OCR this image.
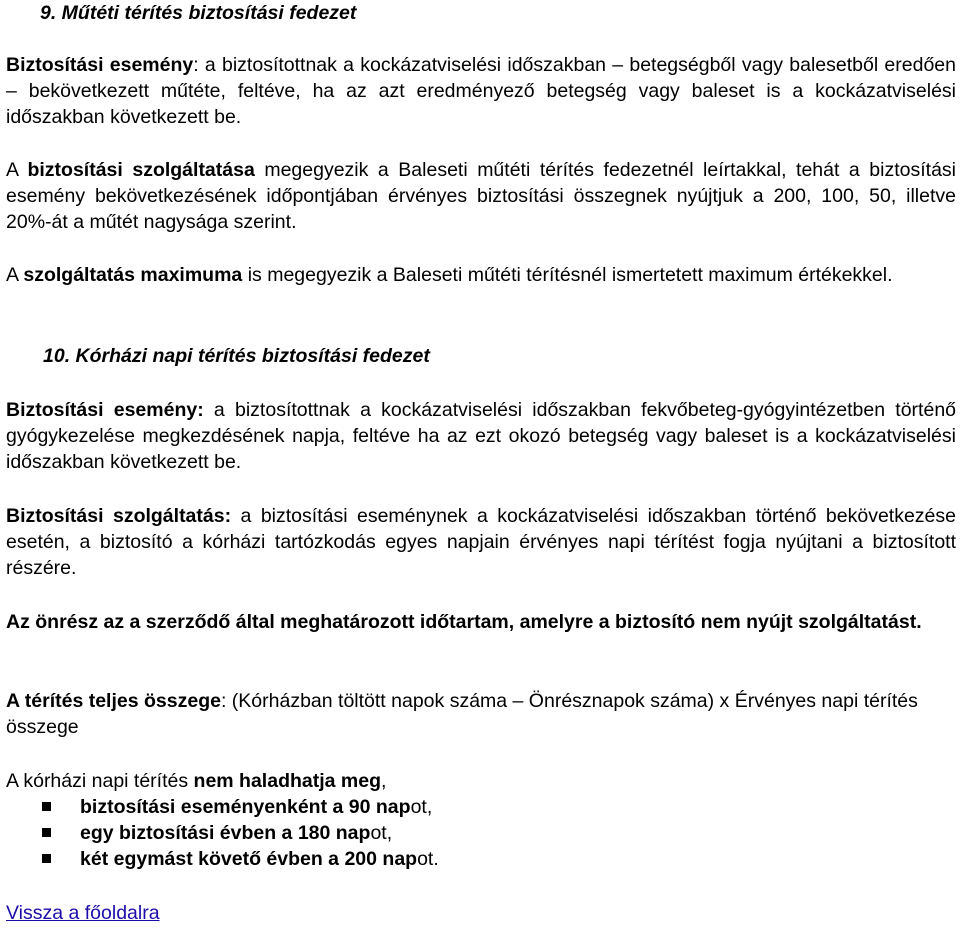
9. Műtéti térítés biztosítási fedezet

Biztosítási esemény: a biztosítottnak a kockázatviselési időszakban – betegségből vagy balesetből eredően – bekövetkezett műtéte, feltéve, ha az azt eredményező betegség vagy baleset is a kockázatviselési időszakban következett be.

A biztosítási szolgáltatása megegyezik a Baleseti műtéti térítés fedezetnél leírtakkal, tehát a biztosítási esemény bekövetkezésének időpontjában érvényes biztosítási összegnek nyújtjuk a 200, 100, 50, illetve 20%-át a műtét nagysága szerint.

A szolgáltatás maximuma is megegyezik a Baleseti műtéti térítésnél ismertetett maximum értékekkel.

10. Kórházi napi térítés biztosítási fedezet

Biztosítási esemény: a biztosítottnak a kockázatviselési időszakban fekvőbeteg-gyógyintézetben történő gyógykezelése megkezdésének napja, feltéve ha az ezt okozó betegség vagy baleset is a kockázatviselési időszakban következett be.

Biztosítási szolgáltatás: a biztosítási eseménynek a kockázatviselési időszakban történő bekövetkezése esetén, a biztosító a kórházi tartózkodás egyes napjain érvényes napi térítést fogja nyújtani a biztosított részére.

Az önrész az a szerződő által meghatározott időtartam, amelyre a biztosító nem nyújt szolgáltatást.

A térítés teljes összege: (Kórházban töltött napok száma – Önrésznapok száma) x Érvényes napi térítés összege

A kórházi napi térítés nem haladhatja meg,

biztosítási eseményenként a 90 napot,
egy biztosítási évben a 180 napot,
két egymást követő évben a 200 napot.
Vissza a főoldalra
